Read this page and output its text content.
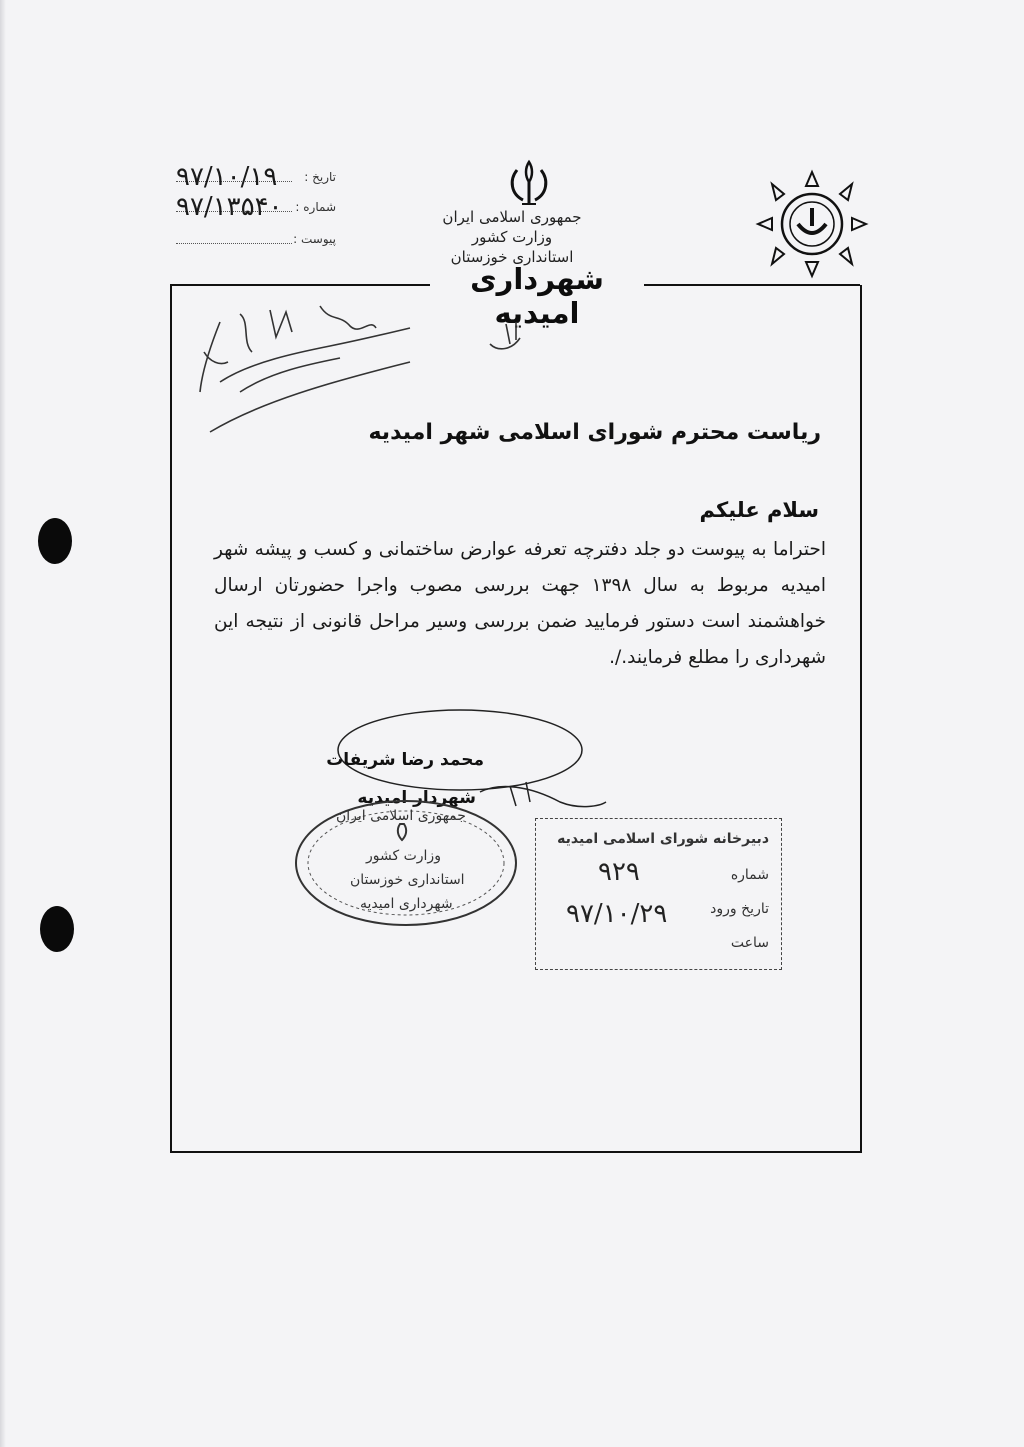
تاریخ :
۹۷/۱۰/۱۹
شماره :
۹۷/۱۳۵۴۰
پیوست :
جمهوری اسلامی ایران
وزارت کشور
استانداری خوزستان
شهرداری امیدیه
ریاست محترم شورای اسلامی شهر امیدیه
سلام علیکم
احتراما به پیوست دو جلد دفترچه تعرفه عوارض ساختمانی و کسب و پیشه شهر امیدیه مربوط به سال ۱۳۹۸ جهت بررسی مصوب واجرا حضورتان ارسال خواهشمند است دستور فرمایید ضمن بررسی وسیر مراحل قانونی از نتیجه این شهرداری را مطلع فرمایند./.
محمد رضا شریفات
شهردار امیدیه
جمهوری اسلامی ایران
وزارت کشور
استانداری خوزستان
شهرداری امیدیه
دبیرخانه شورای اسلامی امیدیه
شماره
۹۲۹
تاریخ ورود
۹۷/۱۰/۲۹
ساعت
